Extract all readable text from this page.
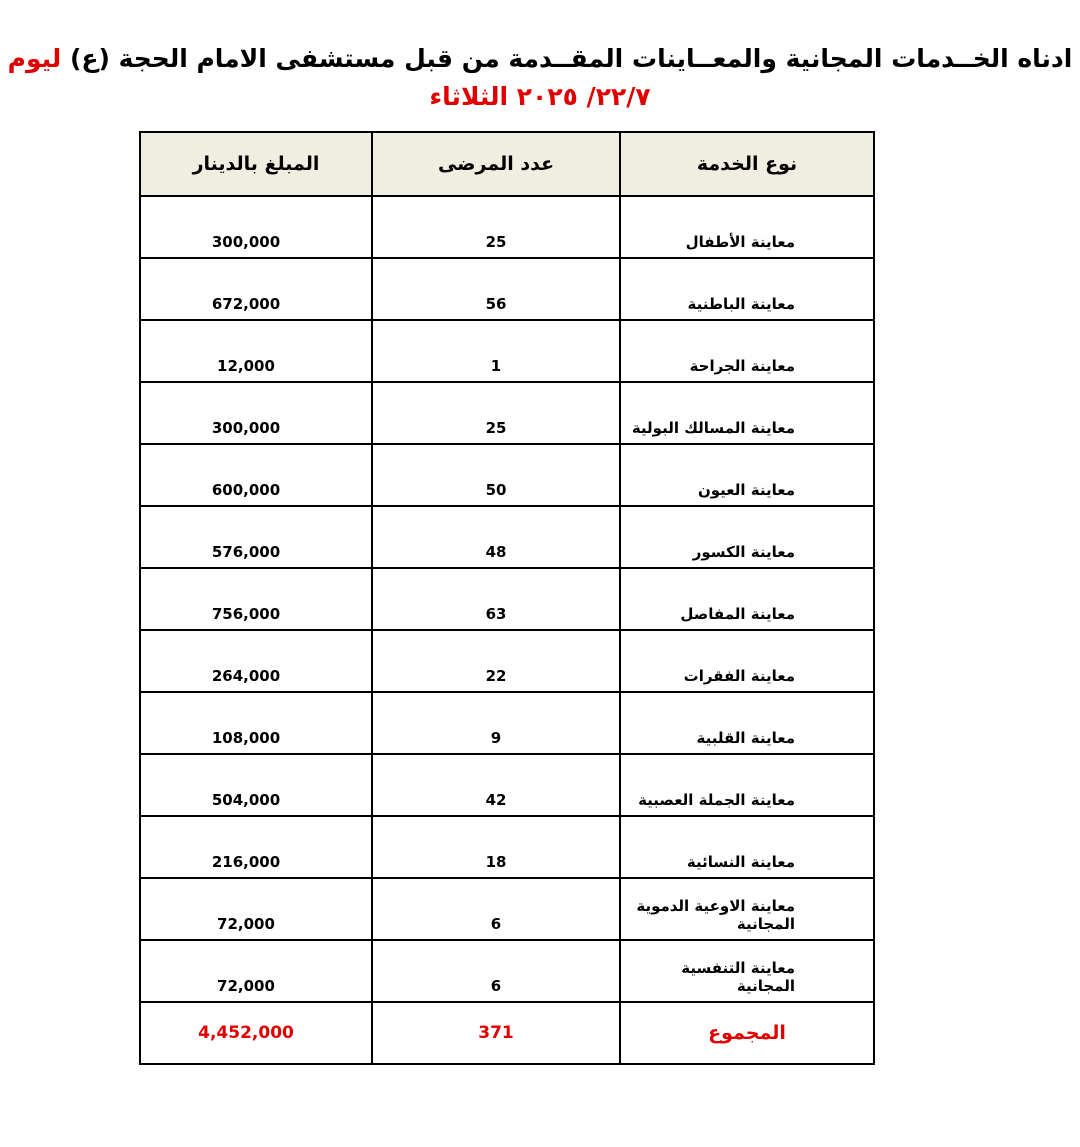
ادناه الخــدمات المجانية والمعــاينات المقــدمة من قبل مستشفى الامام الحجة (ع) ليوم
٢٢/٧/ ٢٠٢٥ الثلاثاء
نوع الخدمة	عدد المرضى	المبلغ بالدينار
معاينة الأطفال	25	300,000
معاينة الباطنية	56	672,000
معاينة الجراحة	1	12,000
معاينة المسالك البولية	25	300,000
معاينة العيون	50	600,000
معاينة الكسور	48	576,000
معاينة المفاصل	63	756,000
معاينة الفقرات	22	264,000
معاينة القلبية	9	108,000
معاينة الجملة العصبية	42	504,000
معاينة النسائية	18	216,000
معاينة الاوعية الدموية المجانية	6	72,000
معاينة التنفسية المجانية	6	72,000
المجموع	371	4,452,000
